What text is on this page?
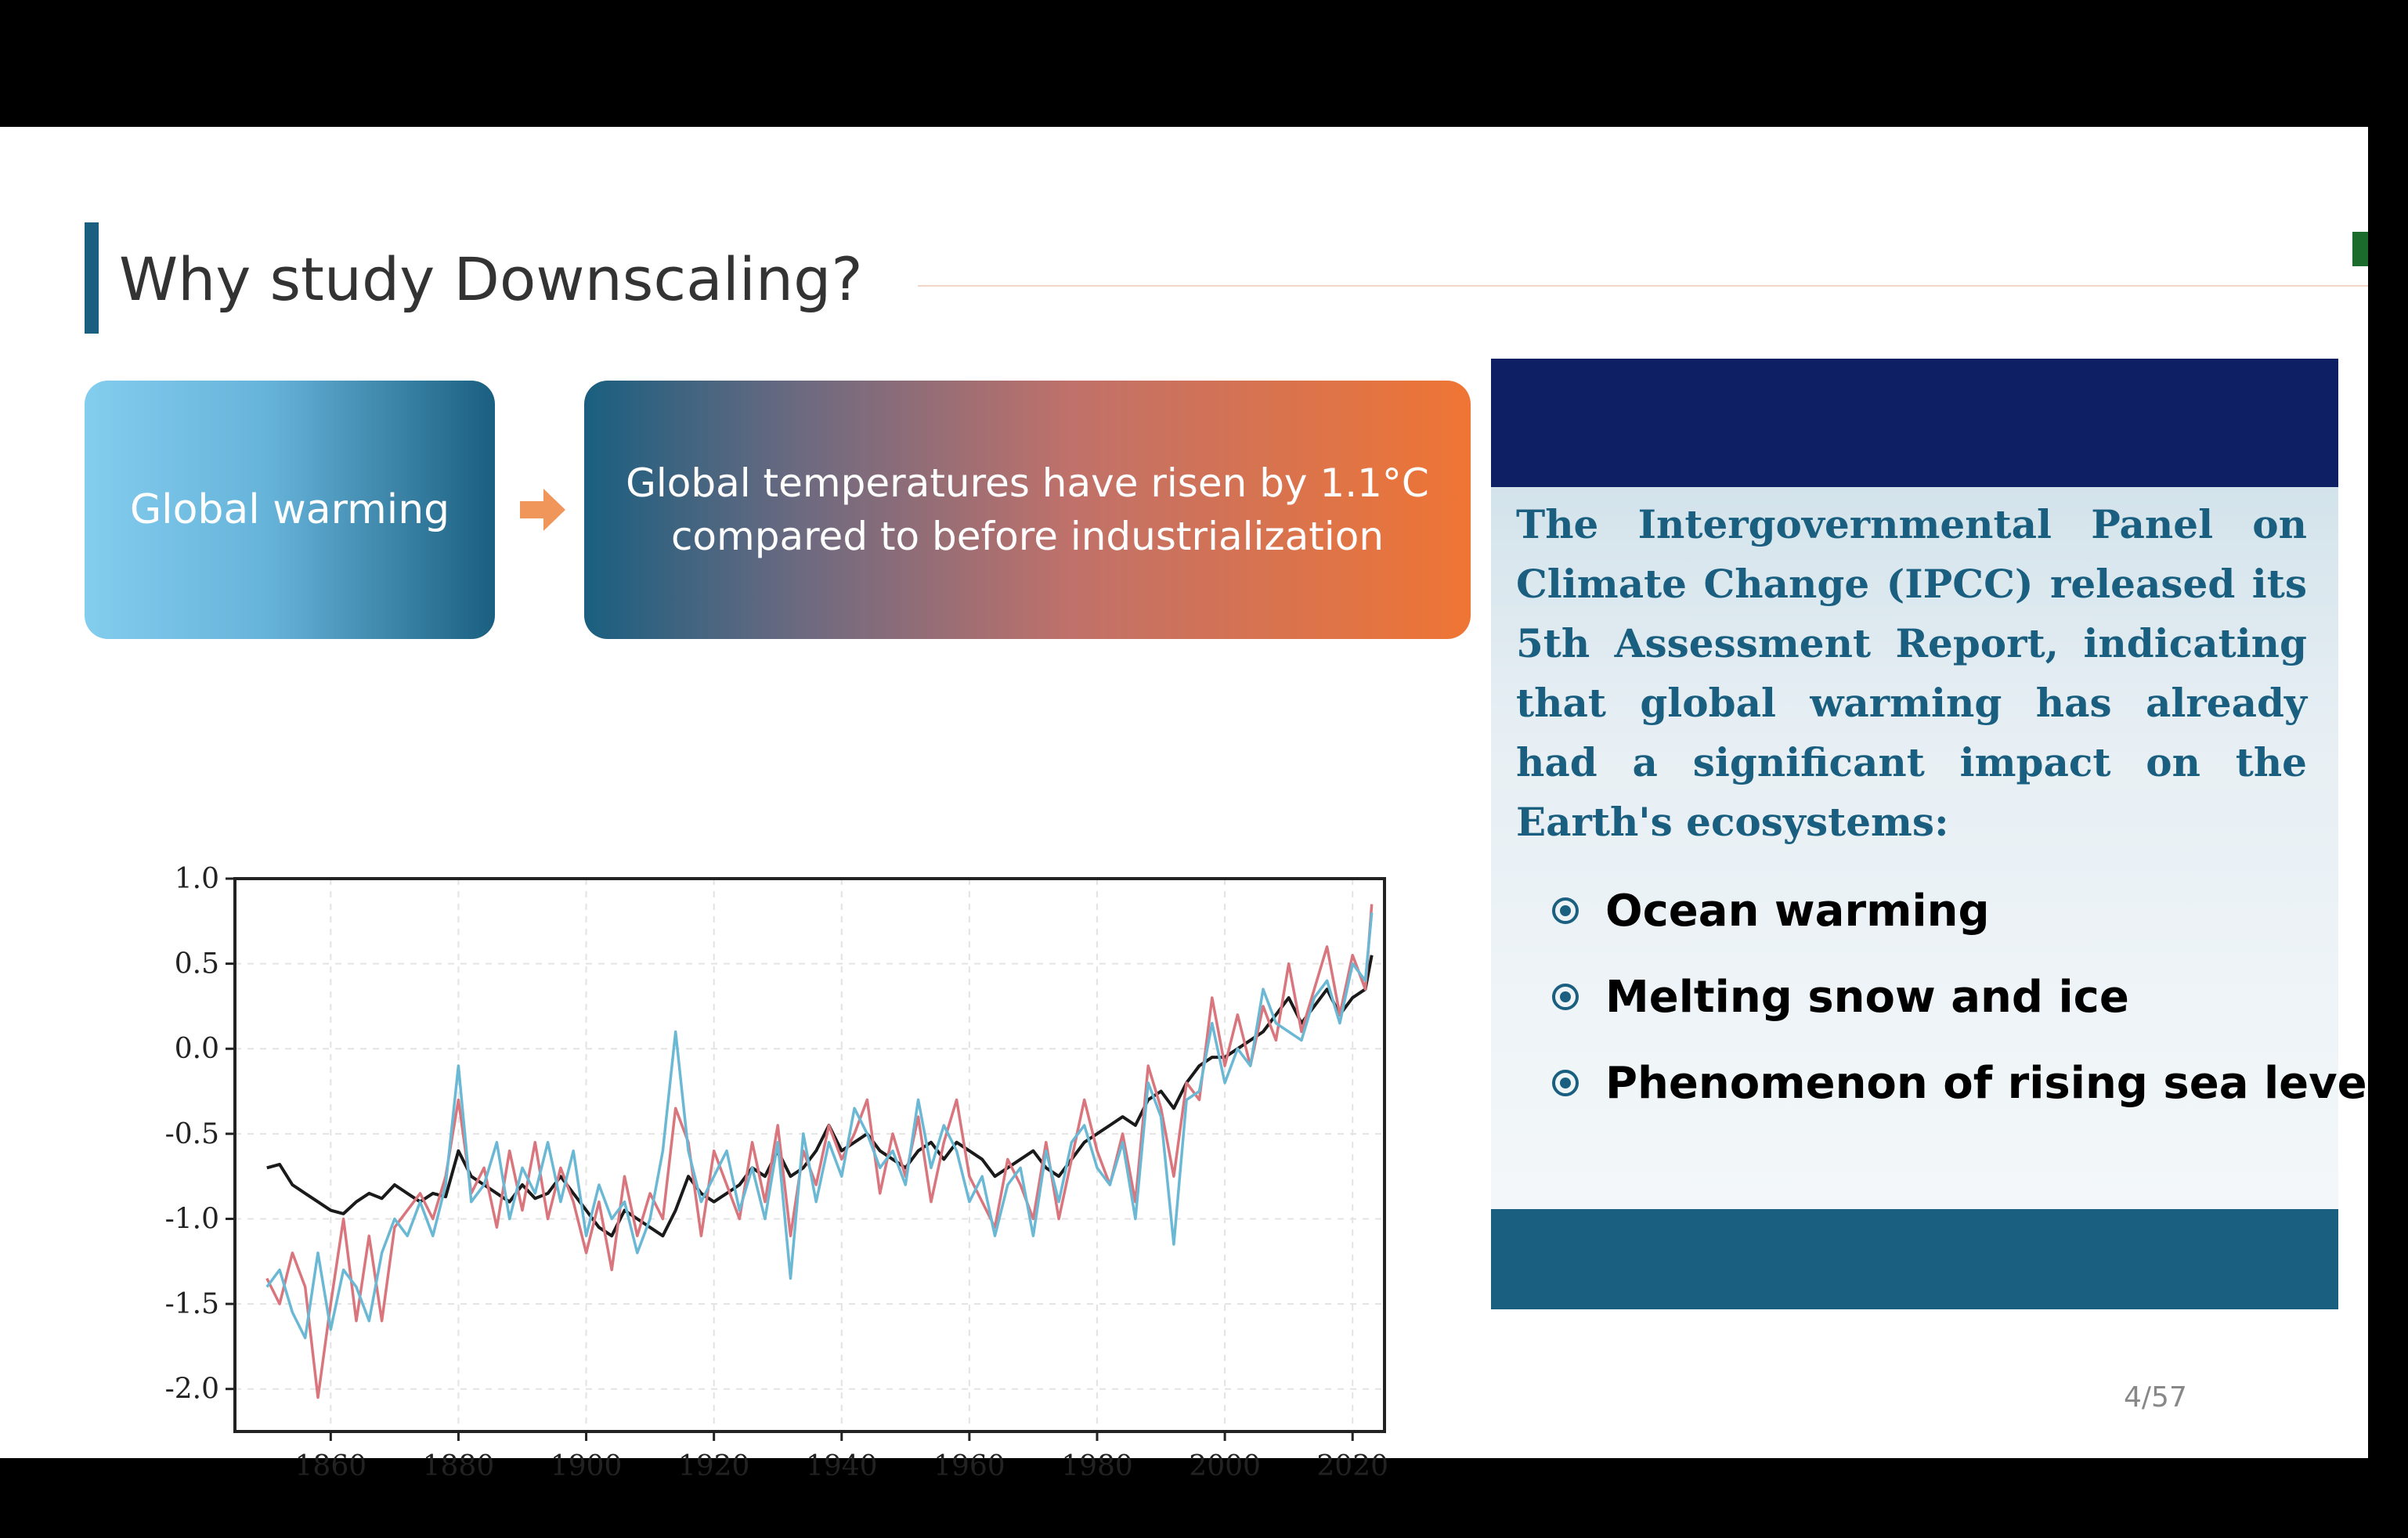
Why study Downscaling?
Global warming
Global temperatures have risen by 1.1°C compared to before industrialization
1860 1880 1900 1920 1940 1960 1980 2000 2020
1.0
0.5
0.0
-0.5
-1.0
-1.5
-2.0
The Intergovernmental Panel on Climate Change (IPCC) released its 5th Assessment Report, indicating that global warming has already had a significant impact on the Earth's ecosystems:
Ocean warming
Melting snow and ice
Phenomenon of rising sea levels
4/57
